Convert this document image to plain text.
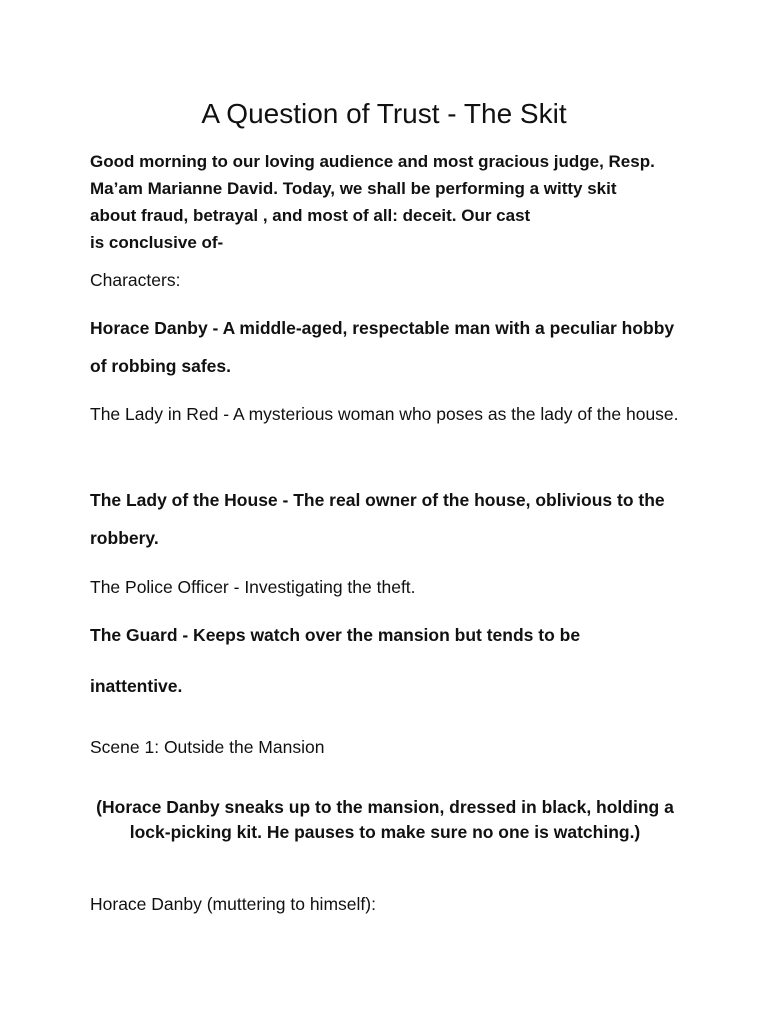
A Question of Trust - The Skit

Good morning to our loving audience and most gracious judge, Resp.
Ma’am Marianne David. Today, we shall be performing a witty skit
about fraud, betrayal , and most of all: deceit. Our cast
is conclusive of-

Characters:

Horace Danby - A middle-aged, respectable man with a peculiar hobby of robbing safes.

The Lady in Red - A mysterious woman who poses as the lady of the house.

The Lady of the House - The real owner of the house, oblivious to the robbery.

The Police Officer - Investigating the theft.

The Guard - Keeps watch over the mansion but tends to be

inattentive.

Scene 1: Outside the Mansion

(Horace Danby sneaks up to the mansion, dressed in black, holding a lock-picking kit. He pauses to make sure no one is watching.)

Horace Danby (muttering to himself):
